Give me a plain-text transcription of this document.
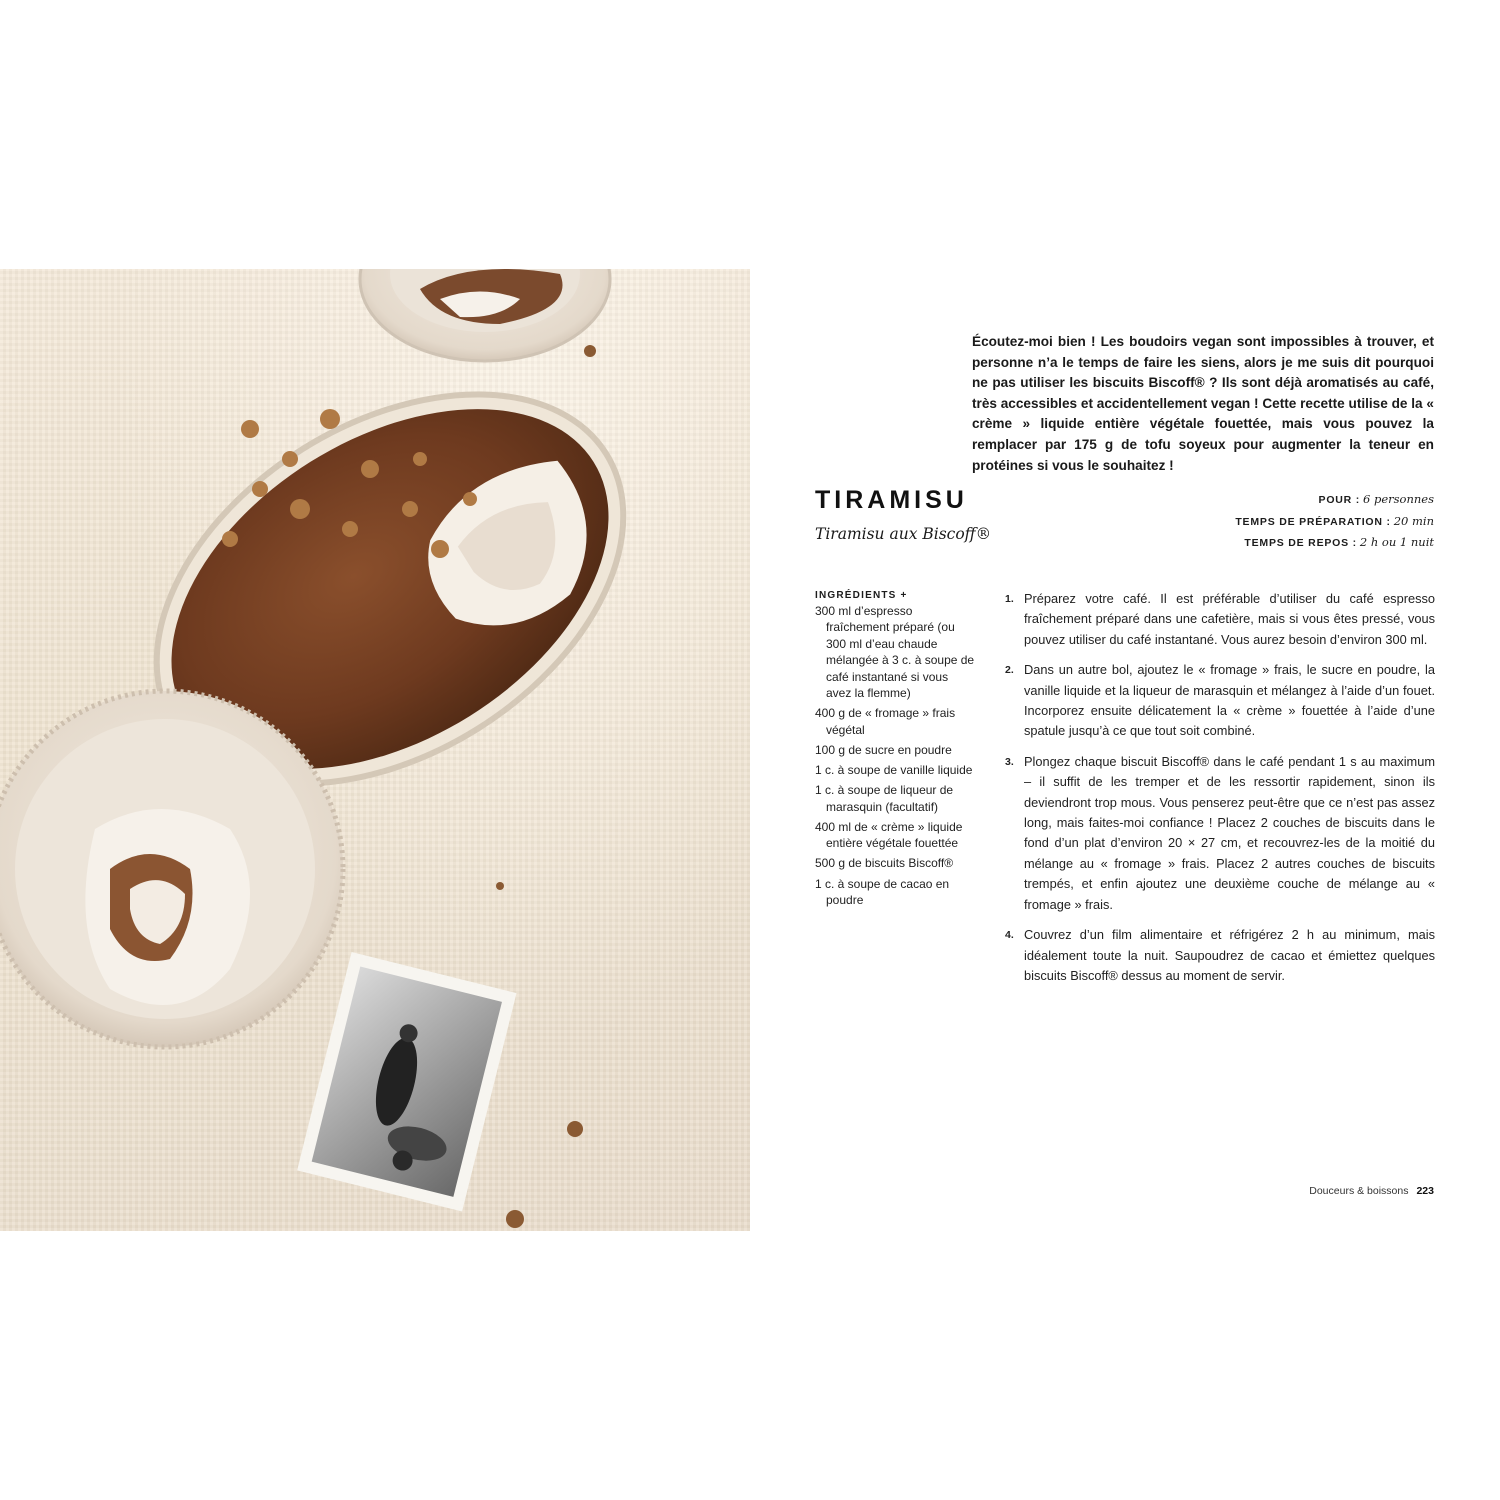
Écoutez-moi bien ! Les boudoirs vegan sont impossibles à trouver, et personne n’a le temps de faire les siens, alors je me suis dit pourquoi ne pas utiliser les biscuits Biscoff® ? Ils sont déjà aromatisés au café, très accessibles et accidentellement vegan ! Cette recette utilise de la « crème » liquide entière végétale fouettée, mais vous pouvez la remplacer par 175 g de tofu soyeux pour augmenter la teneur en protéines si vous le souhaitez !
TIRAMISU
Tiramisu aux Biscoff®
POUR : 6 personnes
TEMPS DE PRÉPARATION : 20 min
TEMPS DE REPOS : 2 h ou 1 nuit
INGRÉDIENTS +
300 ml d’espresso fraîchement préparé (ou 300 ml d’eau chaude mélangée à 3 c. à soupe de café instantané si vous avez la flemme)
400 g de « fromage » frais végétal
100 g de sucre en poudre
1 c. à soupe de vanille liquide
1 c. à soupe de liqueur de marasquin (facultatif)
400 ml de « crème » liquide entière végétale fouettée
500 g de biscuits Biscoff®
1 c. à soupe de cacao en poudre
1. Préparez votre café. Il est préférable d’utiliser du café espresso fraîchement préparé dans une cafetière, mais si vous êtes pressé, vous pouvez utiliser du café instantané. Vous aurez besoin d’environ 300 ml.
2. Dans un autre bol, ajoutez le « fromage » frais, le sucre en poudre, la vanille liquide et la liqueur de marasquin et mélangez à l’aide d’un fouet. Incorporez ensuite délicatement la « crème » fouettée à l’aide d’une spatule jusqu’à ce que tout soit combiné.
3. Plongez chaque biscuit Biscoff® dans le café pendant 1 s au maximum – il suffit de les tremper et de les ressortir rapidement, sinon ils deviendront trop mous. Vous penserez peut-être que ce n’est pas assez long, mais faites-moi confiance ! Placez 2 couches de biscuits dans le fond d’un plat d’environ 20 × 27 cm, et recouvrez-les de la moitié du mélange au « fromage » frais. Placez 2 autres couches de biscuits trempés, et enfin ajoutez une deuxième couche de mélange au « fromage » frais.
4. Couvrez d’un film alimentaire et réfrigérez 2 h au minimum, mais idéalement toute la nuit. Saupoudrez de cacao et émiettez quelques biscuits Biscoff® dessus au moment de servir.
Douceurs & boissons 223
